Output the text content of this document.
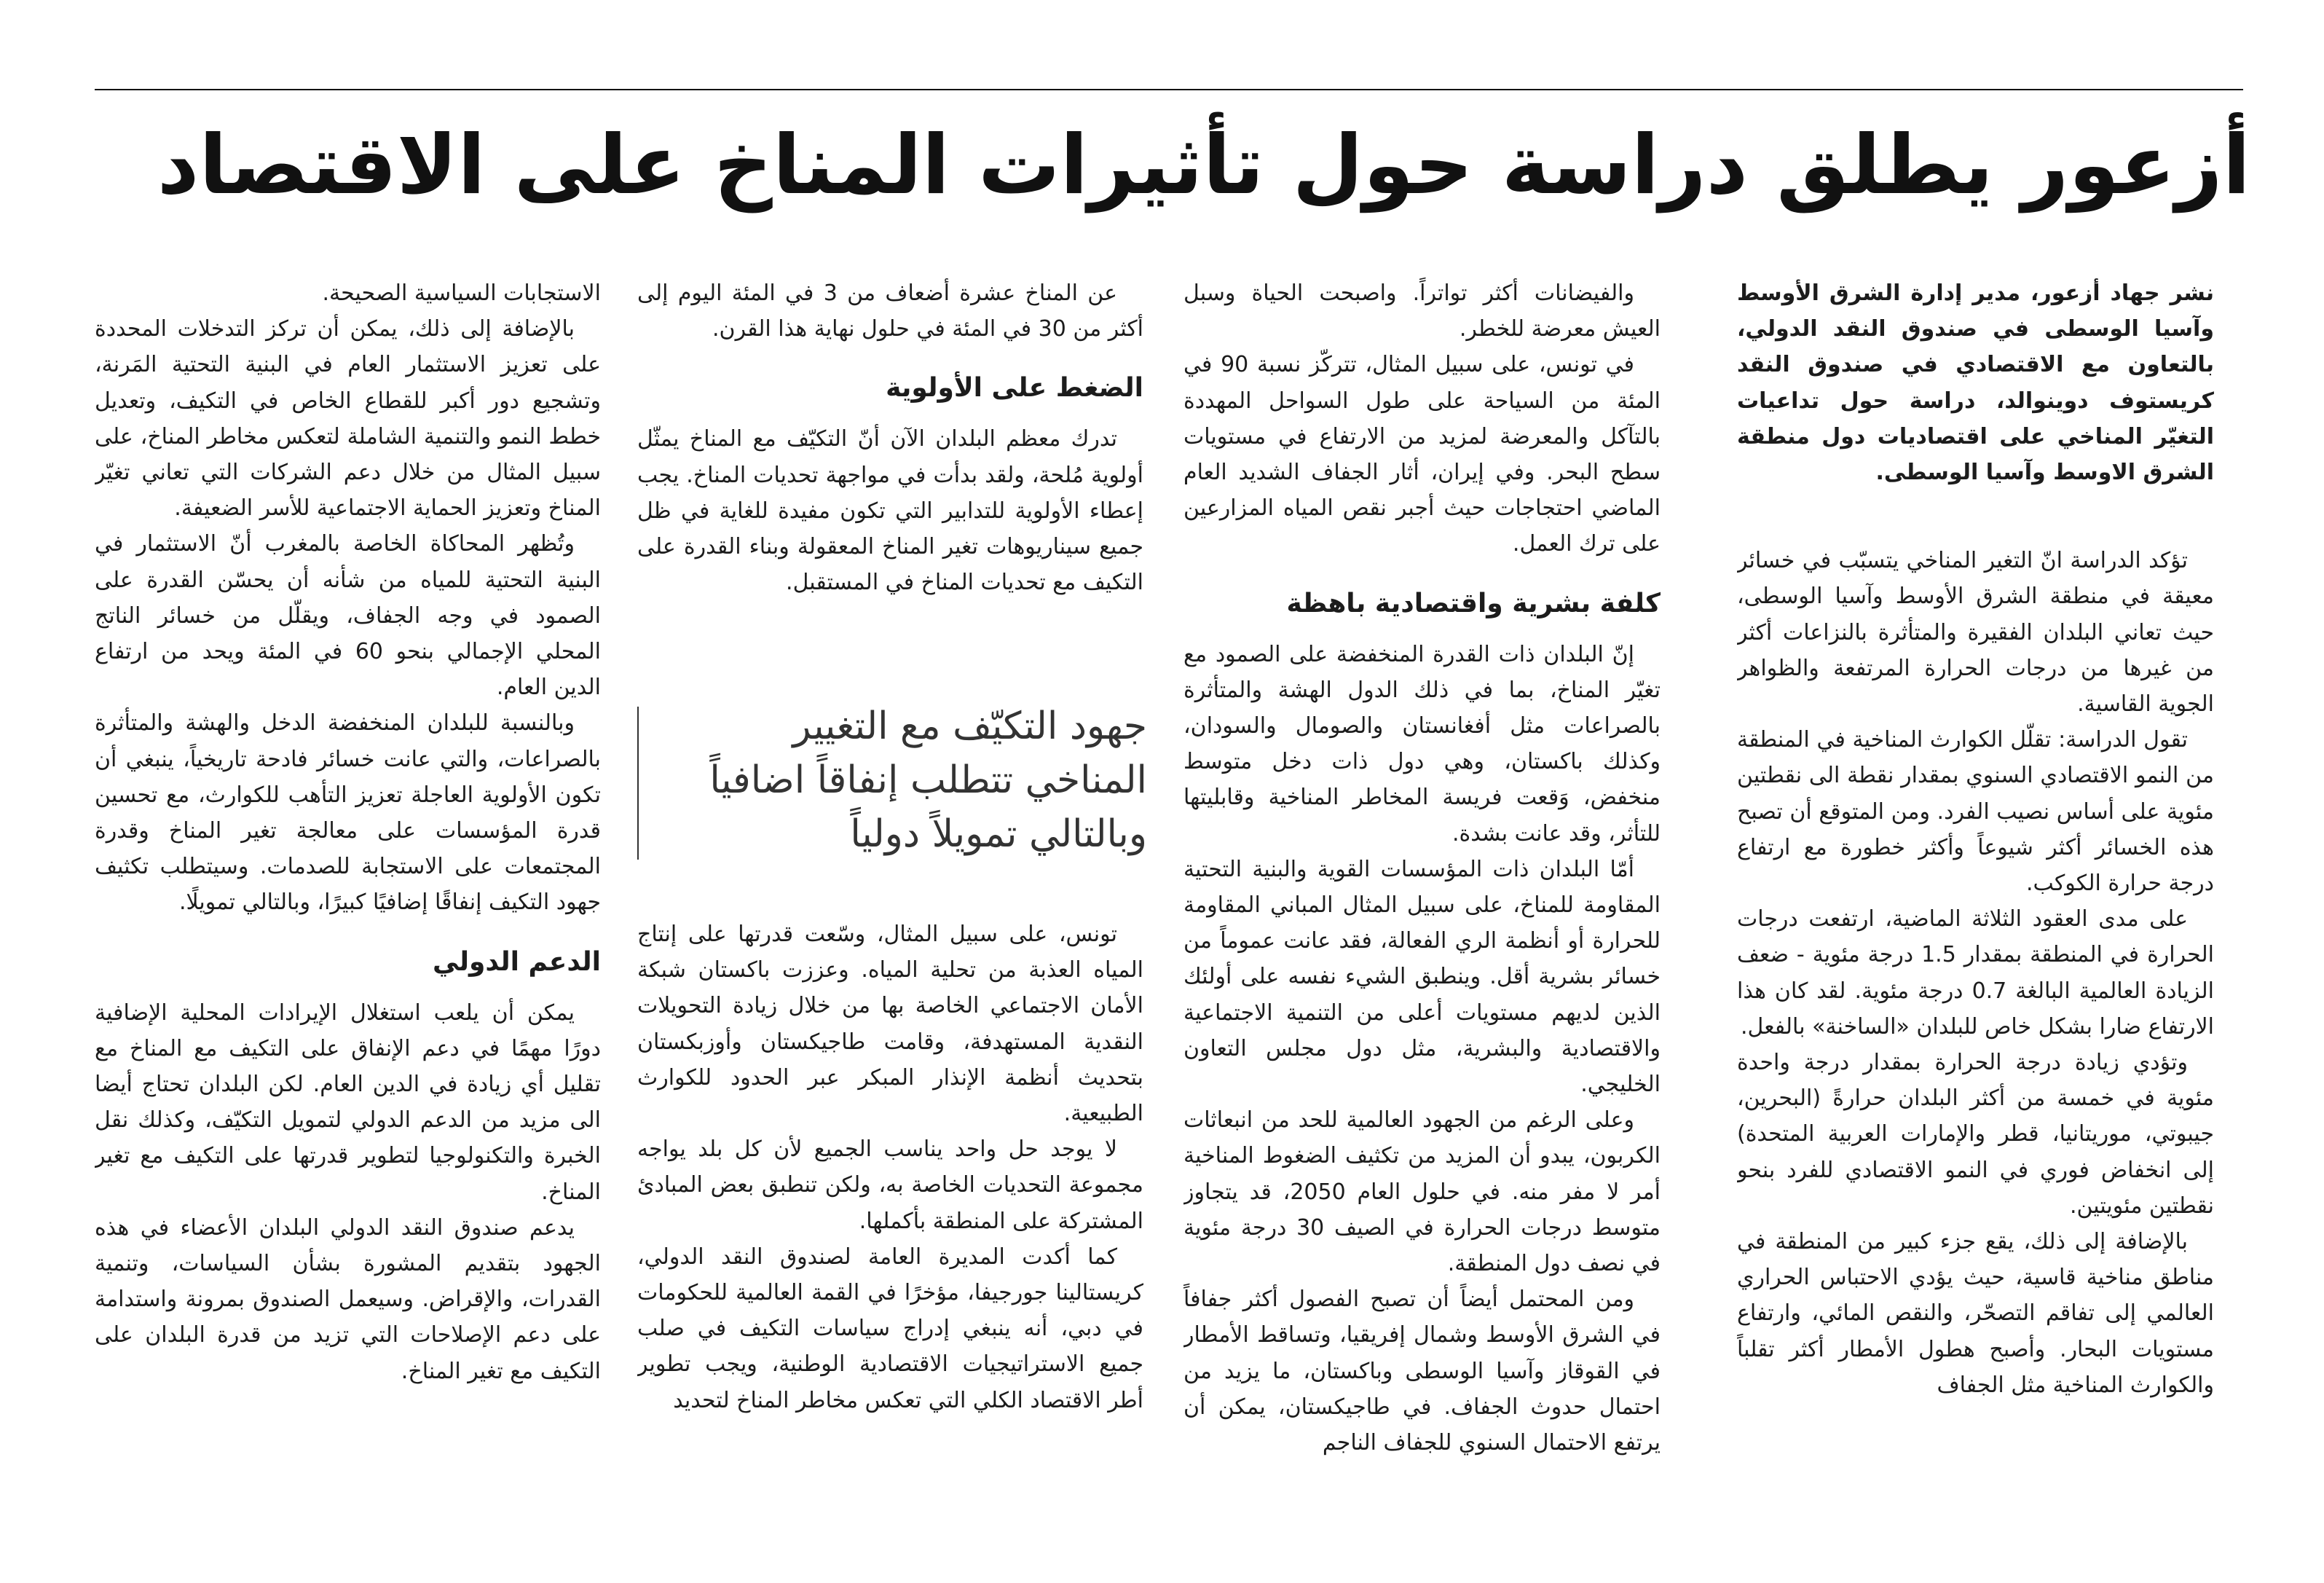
أزعور يطلق دراسة حول تأثيرات المناخ على الاقتصاد

نشر جهاد أزعور، مدير إدارة الشرق الأوسط وآسيا الوسطى في صندوق النقد الدولي، بالتعاون مع الاقتصادي في صندوق النقد كريستوف دوينوالد، دراسة حول تداعيات التغيّر المناخي على اقتصاديات دول منطقة الشرق الاوسط وآسيا الوسطى.

تؤكد الدراسة انّ التغير المناخي يتسبّب في خسائر معيقة في منطقة الشرق الأوسط وآسيا الوسطى، حيث تعاني البلدان الفقيرة والمتأثرة بالنزاعات أكثر من غيرها من درجات الحرارة المرتفعة والظواهر الجوية القاسية.

تقول الدراسة: تقلّل الكوارث المناخية في المنطقة من النمو الاقتصادي السنوي بمقدار نقطة الى نقطتين مئوية على أساس نصيب الفرد. ومن المتوقع أن تصبح هذه الخسائر أكثر شيوعاً وأكثر خطورة مع ارتفاع درجة حرارة الكوكب.

على مدى العقود الثلاثة الماضية، ارتفعت درجات الحرارة في المنطقة بمقدار 1.5 درجة مئوية - ضعف الزيادة العالمية البالغة 0.7 درجة مئوية. لقد كان هذا الارتفاع ضارا بشكل خاص للبلدان «الساخنة» بالفعل.

وتؤدي زيادة درجة الحرارة بمقدار درجة واحدة مئوية في خمسة من أكثر البلدان حرارةً (البحرين، جيبوتي، موريتانيا، قطر والإمارات العربية المتحدة) إلى انخفاض فوري في النمو الاقتصادي للفرد بنحو نقطتين مئويتين.

بالإضافة إلى ذلك، يقع جزء كبير من المنطقة في مناطق مناخية قاسية، حيث يؤدي الاحتباس الحراري العالمي إلى تفاقم التصحّر، والنقص المائي، وارتفاع مستويات البحار. وأصبح هطول الأمطار أكثر تقلباً والكوارث المناخية مثل الجفاف

والفيضانات أكثر تواتراً. واصبحت الحياة وسبل العيش معرضة للخطر.

في تونس، على سبيل المثال، تتركّز نسبة 90 في المئة من السياحة على طول السواحل المهددة بالتآكل والمعرضة لمزيد من الارتفاع في مستويات سطح البحر. وفي إيران، أثار الجفاف الشديد العام الماضي احتجاجات حيث أجبر نقص المياه المزارعين على ترك العمل.

كلفة بشرية واقتصادية باهظة

إنّ البلدان ذات القدرة المنخفضة على الصمود مع تغيّر المناخ، بما في ذلك الدول الهشة والمتأثرة بالصراعات مثل أفغانستان والصومال والسودان، وكذلك باكستان، وهي دول ذات دخل متوسط منخفض، وَقعت فريسة المخاطر المناخية وقابليتها للتأثر، وقد عانت بشدة.

أمّا البلدان ذات المؤسسات القوية والبنية التحتية المقاومة للمناخ، على سبيل المثال المباني المقاومة للحرارة أو أنظمة الري الفعالة، فقد عانت عموماً من خسائر بشرية أقل. وينطبق الشيء نفسه على أولئك الذين لديهم مستويات أعلى من التنمية الاجتماعية والاقتصادية والبشرية، مثل دول مجلس التعاون الخليجي.

وعلى الرغم من الجهود العالمية للحد من انبعاثات الكربون، يبدو أن المزيد من تكثيف الضغوط المناخية أمر لا مفر منه. في حلول العام 2050، قد يتجاوز متوسط درجات الحرارة في الصيف 30 درجة مئوية في نصف دول المنطقة.

ومن المحتمل أيضاً أن تصبح الفصول أكثر جفافاً في الشرق الأوسط وشمال إفريقيا، وتساقط الأمطار في القوقاز وآسيا الوسطى وباكستان، ما يزيد من احتمال حدوث الجفاف. في طاجيكستان، يمكن أن يرتفع الاحتمال السنوي للجفاف الناجم

عن المناخ عشرة أضعاف من 3 في المئة اليوم إلى أكثر من 30 في المئة في حلول نهاية هذا القرن.

الضغط على الأولوية

تدرك معظم البلدان الآن أنّ التكيّف مع المناخ يمثّل أولوية مُلحة، ولقد بدأت في مواجهة تحديات المناخ. يجب إعطاء الأولوية للتدابير التي تكون مفيدة للغاية في ظل جميع سيناريوهات تغير المناخ المعقولة وبناء القدرة على التكيف مع تحديات المناخ في المستقبل.

جهود التكيّف مع التغيير المناخي تتطلب إنفاقاً اضافياً وبالتالي تمويلاً دولياً

تونس، على سبيل المثال، وسّعت قدرتها على إنتاج المياه العذبة من تحلية المياه. وعززت باكستان شبكة الأمان الاجتماعي الخاصة بها من خلال زيادة التحويلات النقدية المستهدفة، وقامت طاجيكستان وأوزبكستان بتحديث أنظمة الإنذار المبكر عبر الحدود للكوارث الطبيعية.

لا يوجد حل واحد يناسب الجميع لأن كل بلد يواجه مجموعة التحديات الخاصة به، ولكن تنطبق بعض المبادئ المشتركة على المنطقة بأكملها.

كما أكدت المديرة العامة لصندوق النقد الدولي، كريستالينا جورجيفا، مؤخرًا في القمة العالمية للحكومات في دبي، أنه ينبغي إدراج سياسات التكيف في صلب جميع الاستراتيجيات الاقتصادية الوطنية، ويجب تطوير أطر الاقتصاد الكلي التي تعكس مخاطر المناخ لتحديد

الاستجابات السياسية الصحيحة.

بالإضافة إلى ذلك، يمكن أن تركز التدخلات المحددة على تعزيز الاستثمار العام في البنية التحتية المَرنة، وتشجيع دور أكبر للقطاع الخاص في التكيف، وتعديل خطط النمو والتنمية الشاملة لتعكس مخاطر المناخ، على سبيل المثال من خلال دعم الشركات التي تعاني تغيّر المناخ وتعزيز الحماية الاجتماعية للأسر الضعيفة.

وتُظهر المحاكاة الخاصة بالمغرب أنّ الاستثمار في البنية التحتية للمياه من شأنه أن يحسّن القدرة على الصمود في وجه الجفاف، ويقلّل من خسائر الناتج المحلي الإجمالي بنحو 60 في المئة ويحد من ارتفاع الدين العام.

وبالنسبة للبلدان المنخفضة الدخل والهشة والمتأثرة بالصراعات، والتي عانت خسائر فادحة تاريخياً، ينبغي أن تكون الأولوية العاجلة تعزيز التأهب للكوارث، مع تحسين قدرة المؤسسات على معالجة تغير المناخ وقدرة المجتمعات على الاستجابة للصدمات. وسيتطلب تكثيف جهود التكيف إنفاقًا إضافيًا كبيرًا، وبالتالي تمويلًا.

الدعم الدولي

يمكن أن يلعب استغلال الإيرادات المحلية الإضافية دورًا مهمًا في دعم الإنفاق على التكيف مع المناخ مع تقليل أي زيادة في الدين العام. لكن البلدان تحتاج أيضا الى مزيد من الدعم الدولي لتمويل التكيّف، وكذلك نقل الخبرة والتكنولوجيا لتطوير قدرتها على التكيف مع تغير المناخ.

يدعم صندوق النقد الدولي البلدان الأعضاء في هذه الجهود بتقديم المشورة بشأن السياسات، وتنمية القدرات، والإقراض. وسيعمل الصندوق بمرونة واستدامة على دعم الإصلاحات التي تزيد من قدرة البلدان على التكيف مع تغير المناخ.
